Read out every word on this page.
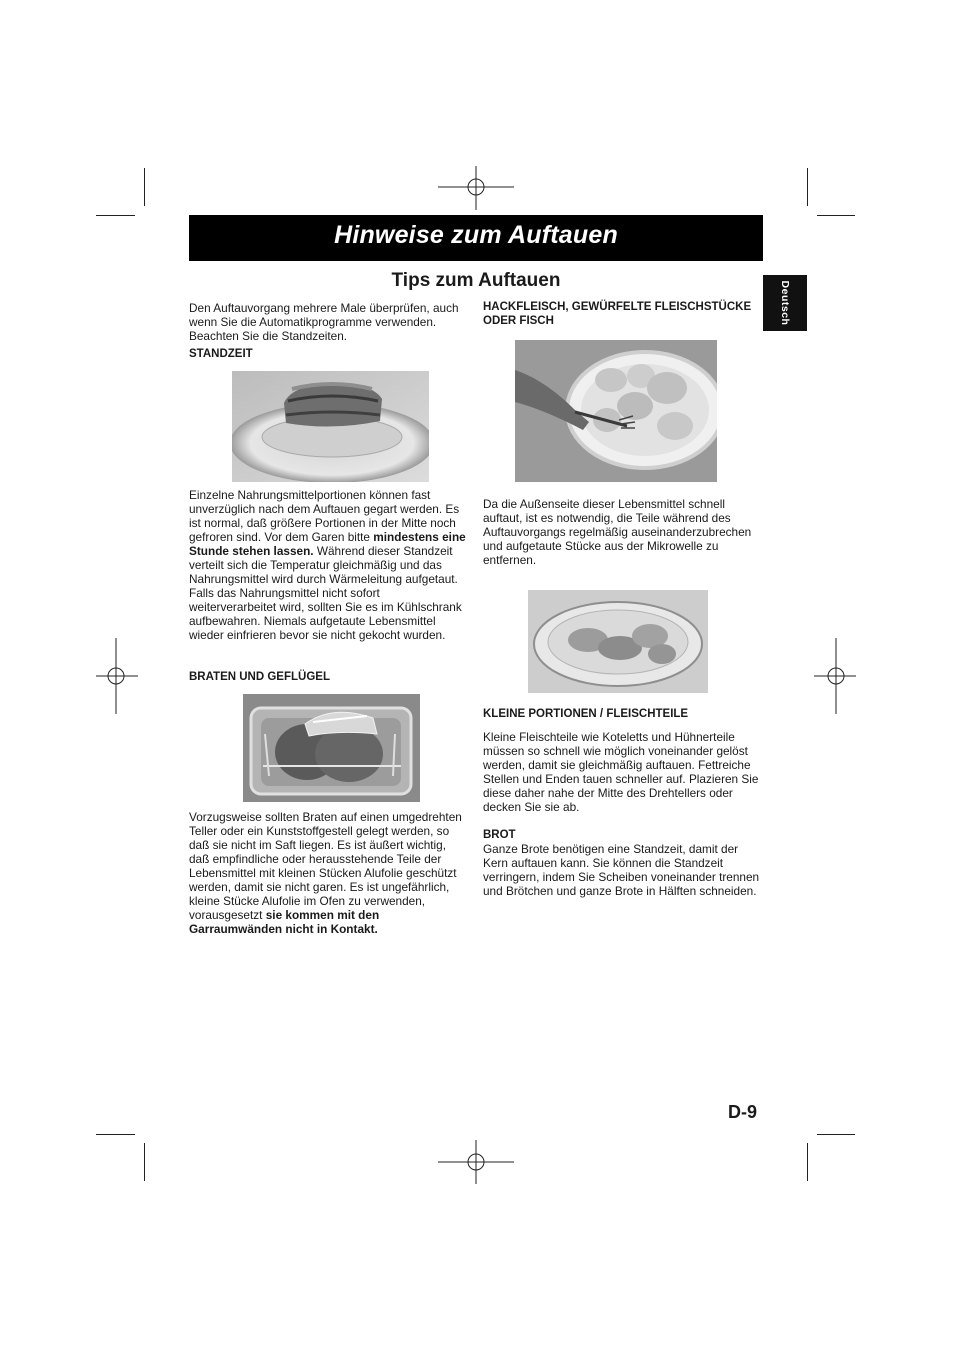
Hinweise zum Auftauen
Tips zum Auftauen
Deutsch

Den Auftauvorgang mehrere Male überprüfen, auch wenn Sie die Automatikprogramme verwenden. Beachten Sie die Standzeiten.

STANDZEIT

Einzelne Nahrungsmittelportionen können fast unverzüglich nach dem Auftauen gegart werden. Es ist normal, daß größere Portionen in der Mitte noch gefroren sind. Vor dem Garen bitte mindestens eine Stunde stehen lassen. Während dieser Standzeit verteilt sich die Temperatur gleichmäßig und das Nahrungsmittel wird durch Wärmeleitung aufgetaut. Falls das Nahrungsmittel nicht sofort weiterverarbeitet wird, sollten Sie es im Kühlschrank aufbewahren. Niemals aufgetaute Lebensmittel wieder einfrieren bevor sie nicht gekocht wurden.

BRATEN UND GEFLÜGEL

Vorzugsweise sollten Braten auf einen umgedrehten Teller oder ein Kunststoffgestell gelegt werden, so daß sie nicht im Saft liegen. Es ist äußert wichtig, daß empfindliche oder herausstehende Teile der Lebensmittel mit kleinen Stücken Alufolie geschützt werden, damit sie nicht garen. Es ist ungefährlich, kleine Stücke Alufolie im Ofen zu verwenden, vorausgesetzt sie kommen mit den Garraumwänden nicht in Kontakt.

HACKFLEISCH, GEWÜRFELTE FLEISCHSTÜCKE ODER FISCH

Da die Außenseite dieser Lebensmittel schnell auftaut, ist es notwendig, die Teile während des Auftauvorgangs regelmäßig auseinanderzubrechen und aufgetaute Stücke aus der Mikrowelle zu entfernen.

KLEINE PORTIONEN / FLEISCHTEILE

Kleine Fleischteile wie Koteletts und Hühnerteile müssen so schnell wie möglich voneinander gelöst werden, damit sie gleichmäßig auftauen. Fettreiche Stellen und Enden tauen schneller auf. Plazieren Sie diese daher nahe der Mitte des Drehtellers oder decken Sie sie ab.

BROT

Ganze Brote benötigen eine Standzeit, damit der Kern auftauen kann. Sie können die Standzeit verringern, indem Sie Scheiben voneinander trennen und Brötchen und ganze Brote in Hälften schneiden.

D-9
